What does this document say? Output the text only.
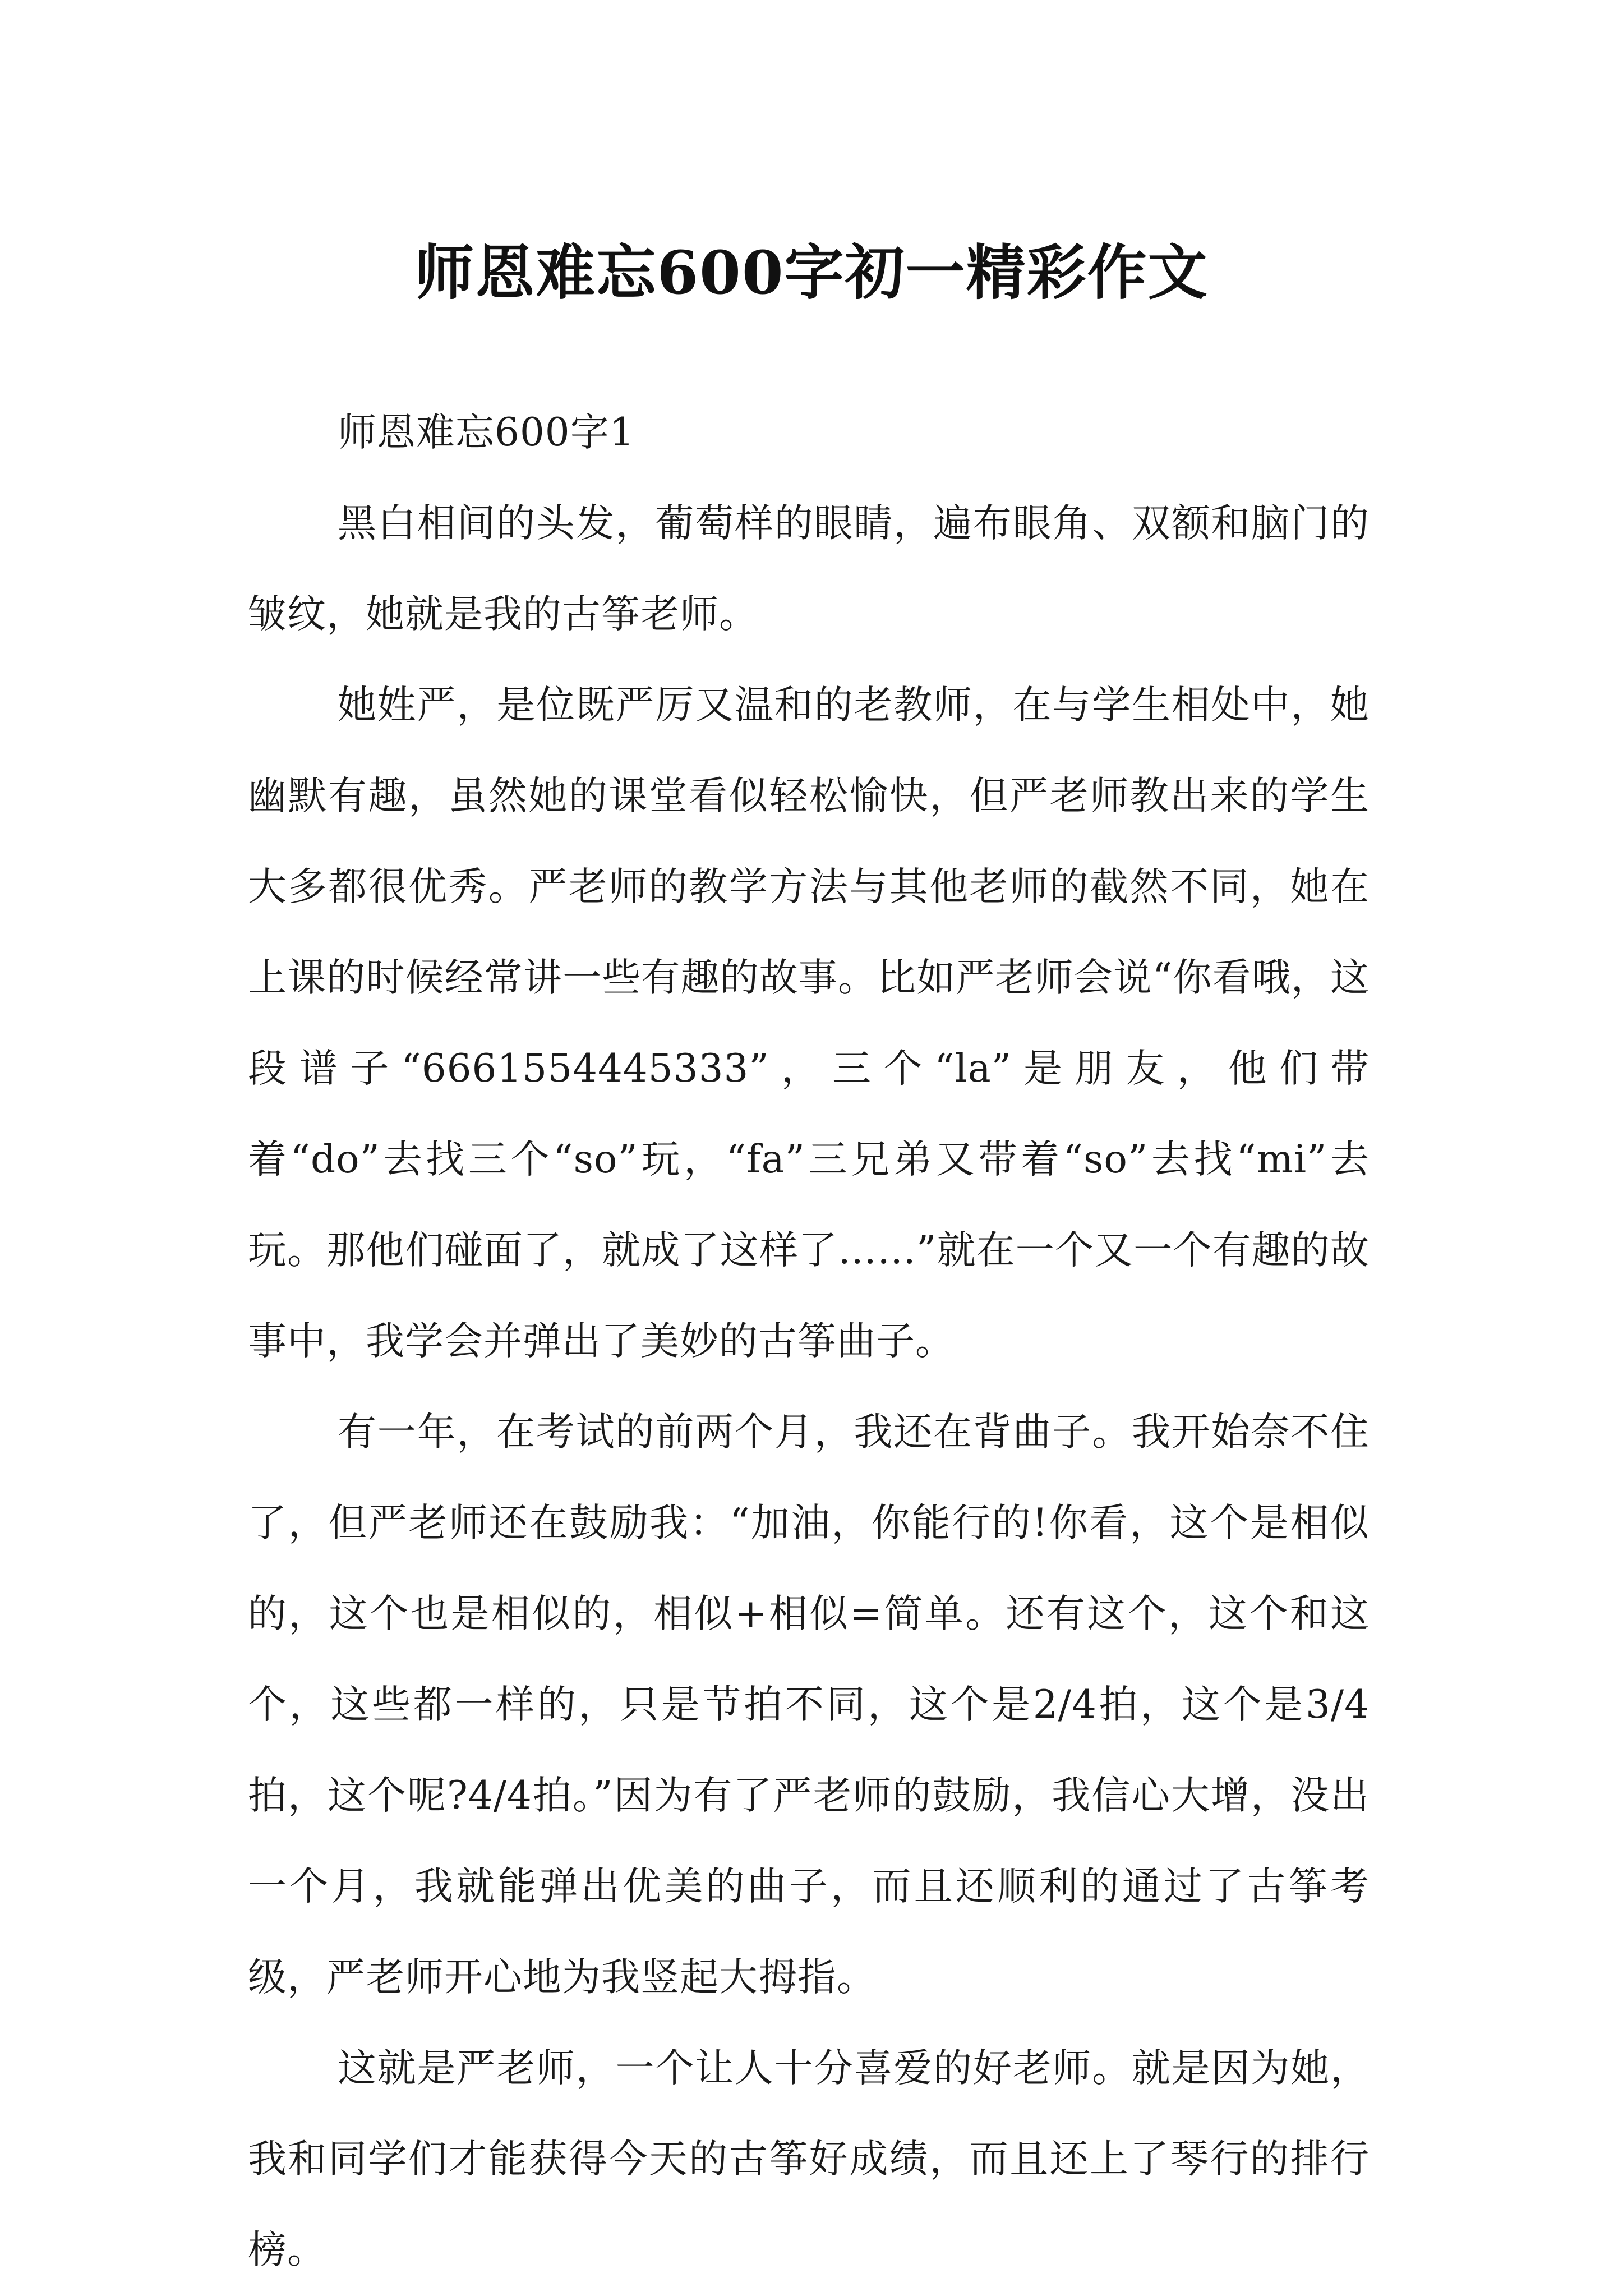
师恩难忘600字初一精彩作文

师恩难忘600字1

黑白相间的头发，葡萄样的眼睛，遍布眼角、双额和脑门的皱纹，她就是我的古筝老师。

她姓严，是位既严厉又温和的老教师，在与学生相处中，她幽默有趣，虽然她的课堂看似轻松愉快，但严老师教出来的学生大多都很优秀。严老师的教学方法与其他老师的截然不同，她在上课的时候经常讲一些有趣的故事。比如严老师会说“你看哦，这段谱子“6661554445333”，三个“la”是朋友，他们带着“do”去找三个“so”玩，“fa”三兄弟又带着“so”去找“mi”去玩。那他们碰面了，就成了这样了……”就在一个又一个有趣的故事中，我学会并弹出了美妙的古筝曲子。

有一年，在考试的前两个月，我还在背曲子。我开始奈不住了，但严老师还在鼓励我：“加油，你能行的!你看，这个是相似的，这个也是相似的，相似+相似=简单。还有这个，这个和这个，这些都一样的，只是节拍不同，这个是2/4拍，这个是3/4拍，这个呢?4/4拍。”因为有了严老师的鼓励，我信心大增，没出一个月，我就能弹出优美的曲子，而且还顺利的通过了古筝考级，严老师开心地为我竖起大拇指。

这就是严老师，一个让人十分喜爱的好老师。就是因为她，我和同学们才能获得今天的古筝好成绩，而且还上了琴行的排行榜。
